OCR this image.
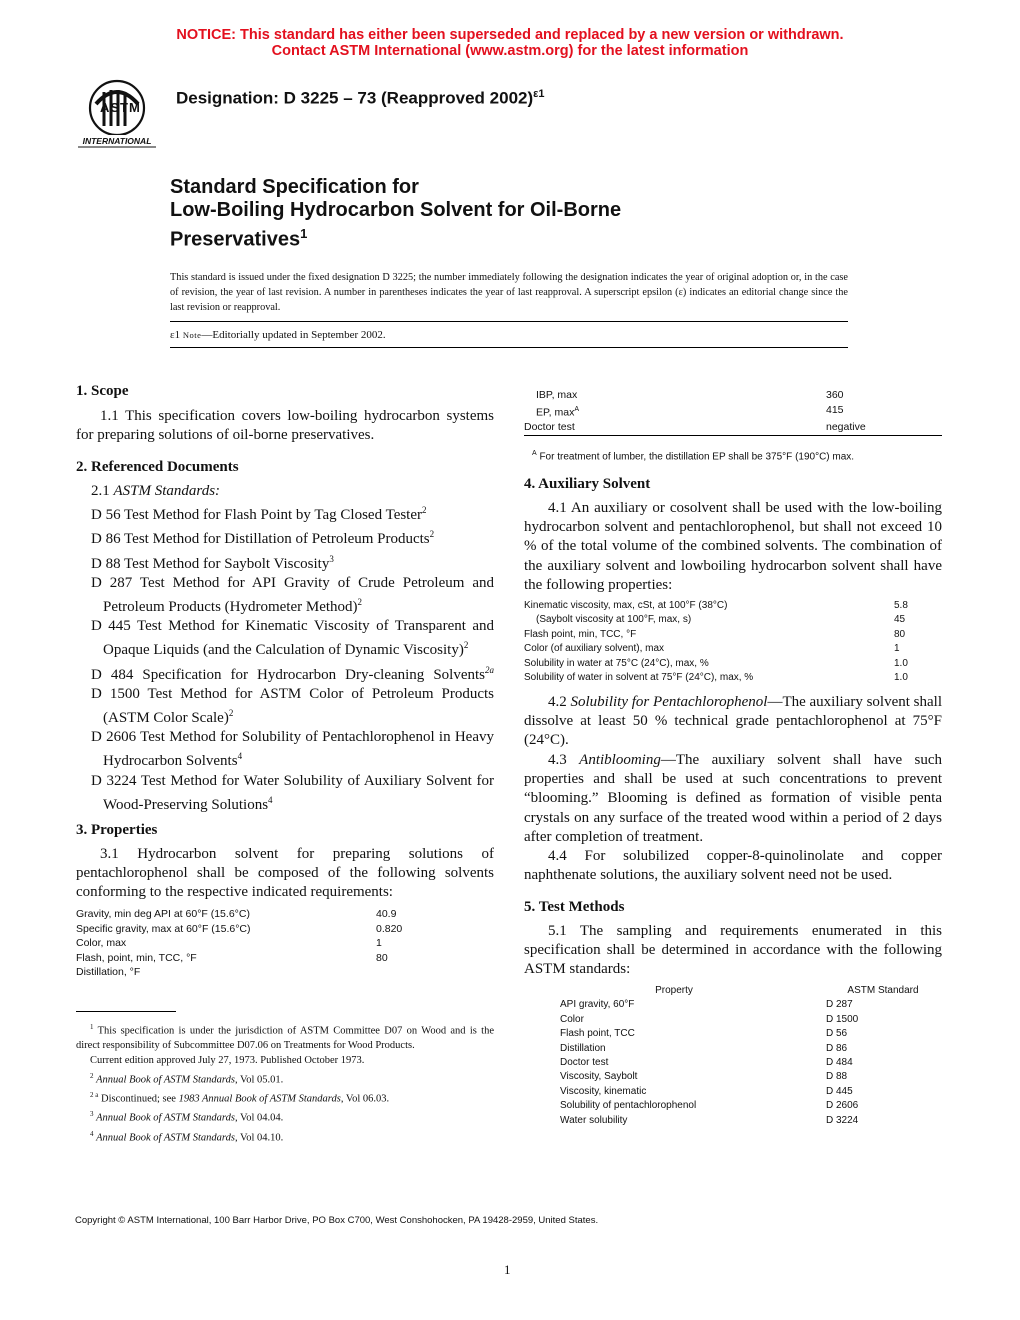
NOTICE: This standard has either been superseded and replaced by a new version or withdrawn.
Contact ASTM International (www.astm.org) for the latest information
INTERNATIONAL
ASTM Designation: D 3225 – 73 (Reapproved 2002)$^{\varepsilon 1}$
Standard Specification for
Low-Boiling Hydrocarbon Solvent for Oil-Borne
Preservatives$^1$
This standard is issued under the fixed designation D 3225; the number immediately following the designation indicates the year of original adoption or, in the case of revision, the year of last revision. A number in parentheses indicates the year of last reapproval. A superscript epsilon (ε) indicates an editorial change since the last revision or reapproval.
ε1 Note—Editorially updated in September 2002.
1. Scope
1.1 This specification covers low-boiling hydrocarbon systems for preparing solutions of oil-borne preservatives.
2. Referenced Documents
2.1 ASTM Standards:
D 56 Test Method for Flash Point by Tag Closed Tester$^2$
D 86 Test Method for Distillation of Petroleum Products$^2$
D 88 Test Method for Saybolt Viscosity$^3$
D 287 Test Method for API Gravity of Crude Petroleum and Petroleum Products (Hydrometer Method)$^2$
D 445 Test Method for Kinematic Viscosity of Transparent and Opaque Liquids (and the Calculation of Dynamic Viscosity)$^2$
D 484 Specification for Hydrocarbon Dry-cleaning Solvents$^{2a}$
D 1500 Test Method for ASTM Color of Petroleum Products (ASTM Color Scale)$^2$
D 2606 Test Method for Solubility of Pentachlorophenol in Heavy Hydrocarbon Solvents$^4$
D 3224 Test Method for Water Solubility of Auxiliary Solvent for Wood-Preserving Solutions$^4$
3. Properties
3.1 Hydrocarbon solvent for preparing solutions of pentachlorophenol shall be composed of the following solvents conforming to the respective indicated requirements:
Gravity, min deg API at 60°F (15.6°C)	40.9
Specific gravity, max at 60°F (15.6°C)	0.820
Color, max	1
Flash, point, min, TCC, °F	80
Distillation, °F
$^1$ This specification is under the jurisdiction of ASTM Committee D07 on Wood and is the direct responsibility of Subcommittee D07.06 on Treatments for Wood Products.
Current edition approved July 27, 1973. Published October 1973.
$^2$ Annual Book of ASTM Standards, Vol 05.01.
$^{2 a}$ Discontinued; see 1983 Annual Book of ASTM Standards, Vol 06.03.
$^3$ Annual Book of ASTM Standards, Vol 04.04.
$^4$ Annual Book of ASTM Standards, Vol 04.10.
IBP, max	360
EP, $\max^A$	415
Doctor test	negative
$^A$ For treatment of lumber, the distillation EP shall be 375°F (190°C) max.
4. Auxiliary Solvent
4.1 An auxiliary or cosolvent shall be used with the low-boiling hydrocarbon solvent and pentachlorophenol, but shall not exceed 10 % of the total volume of the combined solvents. The combination of the auxiliary solvent and lowboiling hydrocarbon solvent shall have the following properties:
Kinematic viscosity, max, cSt, at 100°F (38°C)	5.8
(Saybolt viscosity at 100°F, max, s)	45
Flash point, min, TCC, °F	80
Color (of auxiliary solvent), max	1
Solubility in water at 75°C (24°C), max, %	1.0
Solubility of water in solvent at 75°F (24°C), max, %	1.0
4.2 Solubility for Pentachlorophenol—The auxiliary solvent shall dissolve at least 50 % technical grade pentachlorophenol at 75°F (24°C).
4.3 Antiblooming—The auxiliary solvent shall have such properties and shall be used at such concentrations to prevent “blooming.” Blooming is defined as formation of visible penta crystals on any surface of the treated wood within a period of 2 days after completion of treatment.
4.4 For solubilized copper-8-quinolinolate and copper naphthenate solutions, the auxiliary solvent need not be used.
5. Test Methods
5.1 The sampling and requirements enumerated in this specification shall be determined in accordance with the following ASTM standards:
Property	ASTM Standard
API gravity, 60°F	D 287
Color	D 1500
Flash point, TCC	D 56
Distillation	D 86
Doctor test	D 484
Viscosity, Saybolt	D 88
Viscosity, kinematic	D 445
Solubility of pentachlorophenol	D 2606
Water solubility	D 3224
Copyright © ASTM International, 100 Barr Harbor Drive, PO Box C700, West Conshohocken, PA 19428-2959, United States.
1
